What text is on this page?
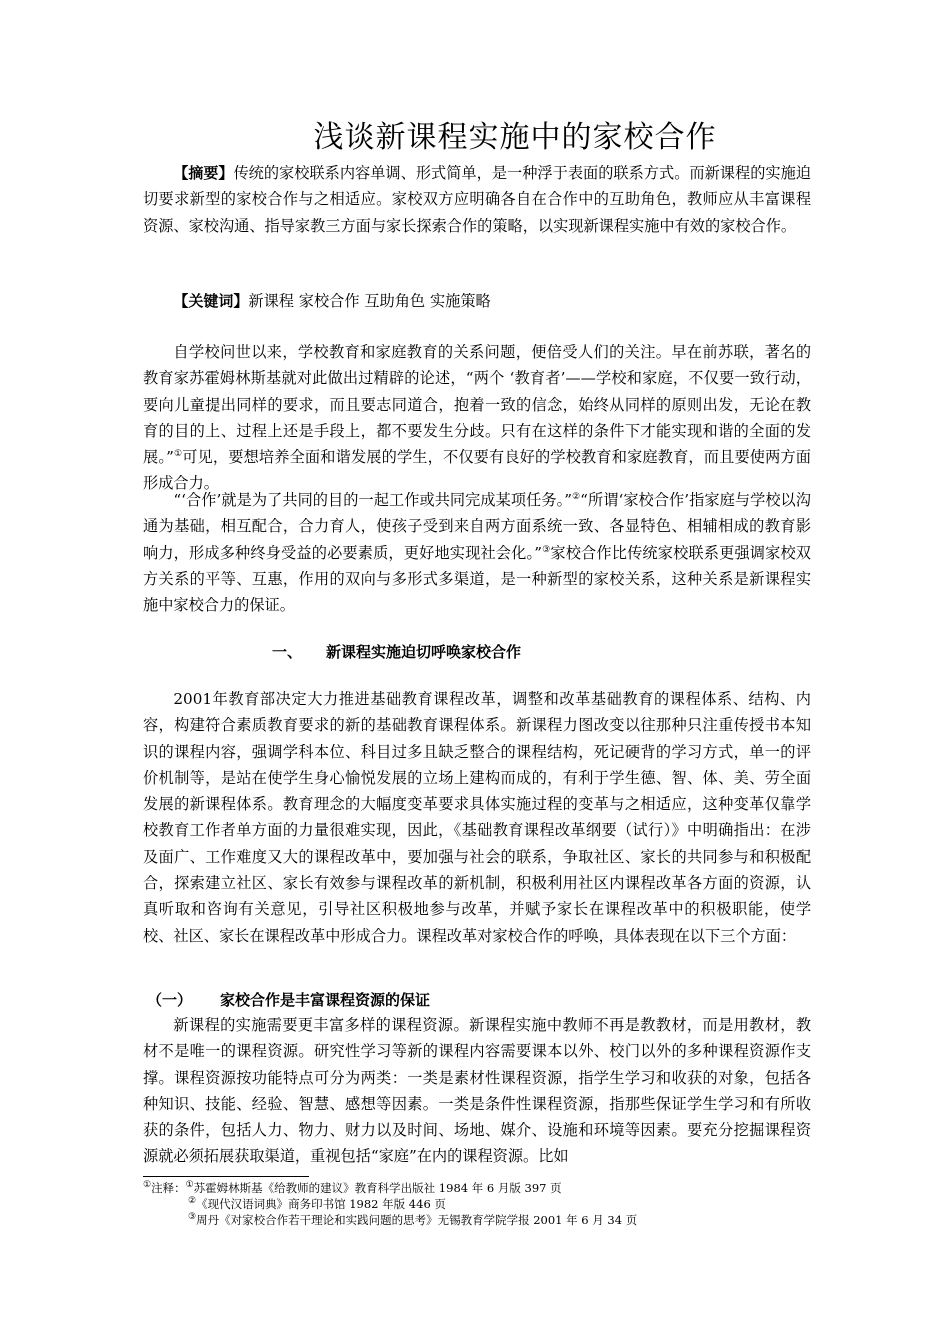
浅谈新课程实施中的家校合作
【摘要】传统的家校联系内容单调、形式简单，是一种浮于表面的联系方式。而新课程的实施迫切要求新型的家校合作与之相适应。家校双方应明确各自在合作中的互助角色，教师应从丰富课程资源、家校沟通、指导家教三方面与家长探索合作的策略，以实现新课程实施中有效的家校合作。
【关键词】新课程 家校合作 互助角色 实施策略
自学校问世以来，学校教育和家庭教育的关系问题，便倍受人们的关注。早在前苏联，著名的教育家苏霍姆林斯基就对此做出过精辟的论述，“两个 ‘教育者’——学校和家庭，不仅要一致行动，要向儿童提出同样的要求，而且要志同道合，抱着一致的信念，始终从同样的原则出发，无论在教育的目的上、过程上还是手段上，都不要发生分歧。只有在这样的条件下才能实现和谐的全面的发展。”①可见，要想培养全面和谐发展的学生，不仅要有良好的学校教育和家庭教育，而且要使两方面形成合力。
“‘合作’就是为了共同的目的一起工作或共同完成某项任务。”②“所谓‘家校合作’指家庭与学校以沟通为基础，相互配合，合力育人，使孩子受到来自两方面系统一致、各显特色、相辅相成的教育影响力，形成多种终身受益的必要素质，更好地实现社会化。”③家校合作比传统家校联系更强调家校双方关系的平等、互惠，作用的双向与多形式多渠道，是一种新型的家校关系，这种关系是新课程实施中家校合力的保证。
一、 新课程实施迫切呼唤家校合作
2001年教育部决定大力推进基础教育课程改革，调整和改革基础教育的课程体系、结构、内容，构建符合素质教育要求的新的基础教育课程体系。新课程力图改变以往那种只注重传授书本知识的课程内容，强调学科本位、科目过多且缺乏整合的课程结构，死记硬背的学习方式，单一的评价机制等，是站在使学生身心愉悦发展的立场上建构而成的，有利于学生德、智、体、美、劳全面发展的新课程体系。教育理念的大幅度变革要求具体实施过程的变革与之相适应，这种变革仅靠学校教育工作者单方面的力量很难实现，因此，《基础教育课程改革纲要（试行）》中明确指出：在涉及面广、工作难度又大的课程改革中，要加强与社会的联系，争取社区、家长的共同参与和积极配合，探索建立社区、家长有效参与课程改革的新机制，积极利用社区内课程改革各方面的资源，认真听取和咨询有关意见，引导社区积极地参与改革，并赋予家长在课程改革中的积极职能，使学校、社区、家长在课程改革中形成合力。课程改革对家校合作的呼唤，具体表现在以下三个方面：
（一） 家校合作是丰富课程资源的保证
新课程的实施需要更丰富多样的课程资源。新课程实施中教师不再是教教材，而是用教材，教材不是唯一的课程资源。研究性学习等新的课程内容需要课本以外、校门以外的多种课程资源作支撑。课程资源按功能特点可分为两类：一类是素材性课程资源，指学生学习和收获的对象，包括各种知识、技能、经验、智慧、感想等因素。一类是条件性课程资源，指那些保证学生学习和有所收获的条件，包括人力、物力、财力以及时间、场地、媒介、设施和环境等因素。要充分挖掘课程资源就必须拓展获取渠道，重视包括“家庭”在内的课程资源。比如
①注释：①苏霍姆林斯基《给教师的建议》教育科学出版社 1984 年 6 月版 397 页
②《现代汉语词典》商务印书馆 1982 年版 446 页
③周丹《对家校合作若干理论和实践问题的思考》无锡教育学院学报 2001 年 6 月 34 页
